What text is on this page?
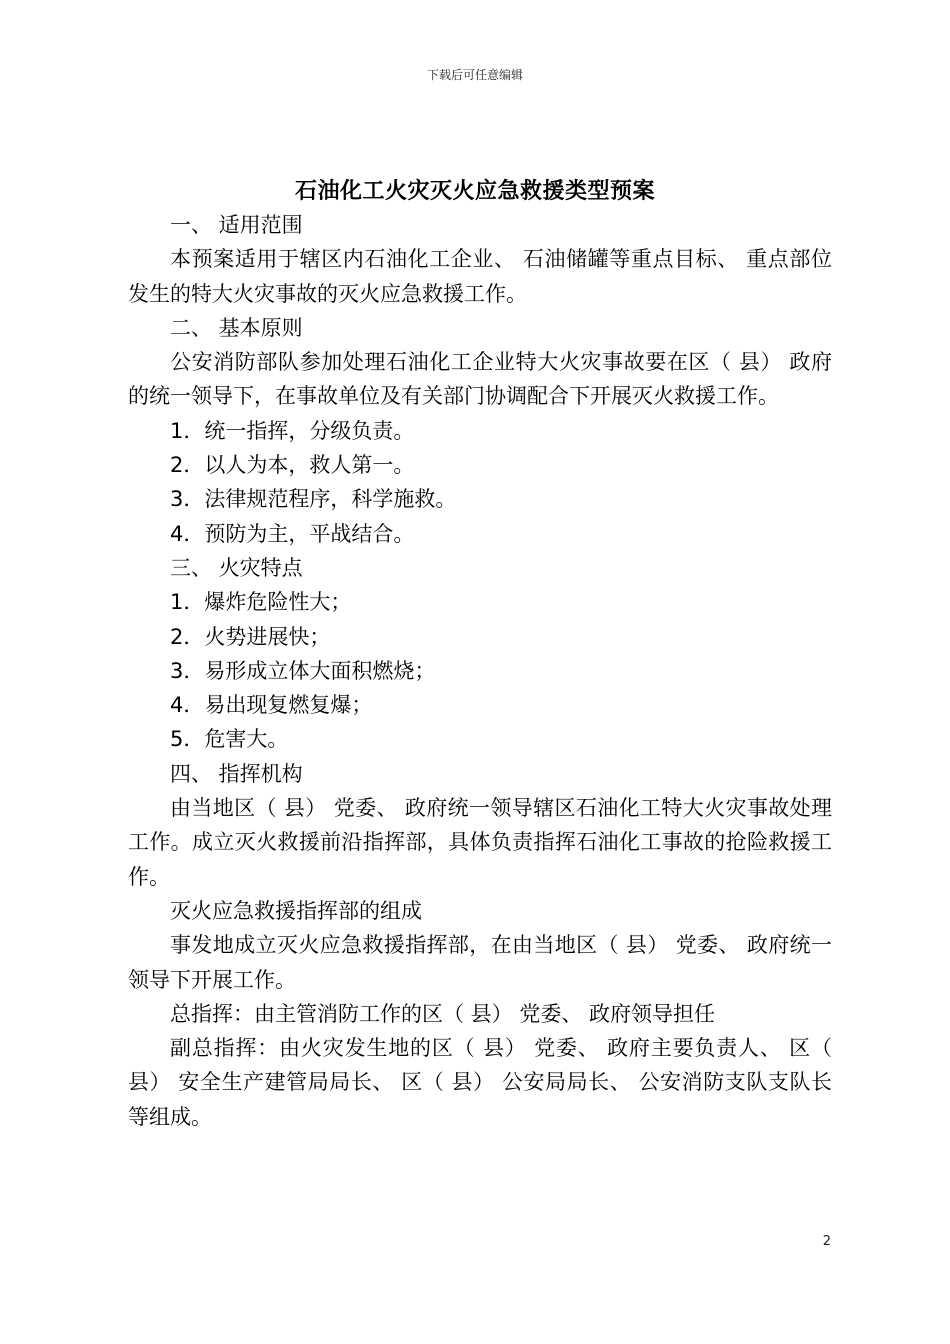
下载后可任意编辑
石油化工火灾灭火应急救援类型预案

一、 适用范围

本预案适用于辖区内石油化工企业、 石油储罐等重点目标、 重点部位发生的特大火灾事故的灭火应急救援工作。

二、 基本原则

公安消防部队参加处理石油化工企业特大火灾事故要在区（ 县） 政府的统一领导下，在事故单位及有关部门协调配合下开展灭火救援工作。

1．统一指挥，分级负责。

2．以人为本，救人第一。

3．法律规范程序，科学施救。

4．预防为主，平战结合。

三、 火灾特点

1．爆炸危险性大；

2．火势进展快；

3．易形成立体大面积燃烧；

4．易出现复燃复爆；

5．危害大。

四、 指挥机构

由当地区（ 县） 党委、 政府统一领导辖区石油化工特大火灾事故处理工作。成立灭火救援前沿指挥部，具体负责指挥石油化工事故的抢险救援工作。

灭火应急救援指挥部的组成

事发地成立灭火应急救援指挥部，在由当地区（ 县） 党委、 政府统一领导下开展工作。

总指挥：由主管消防工作的区（ 县） 党委、 政府领导担任

副总指挥：由火灾发生地的区（ 县） 党委、 政府主要负责人、 区（ 县） 安全生产建管局局长、 区（ 县） 公安局局长、 公安消防支队支队长等组成。

2
